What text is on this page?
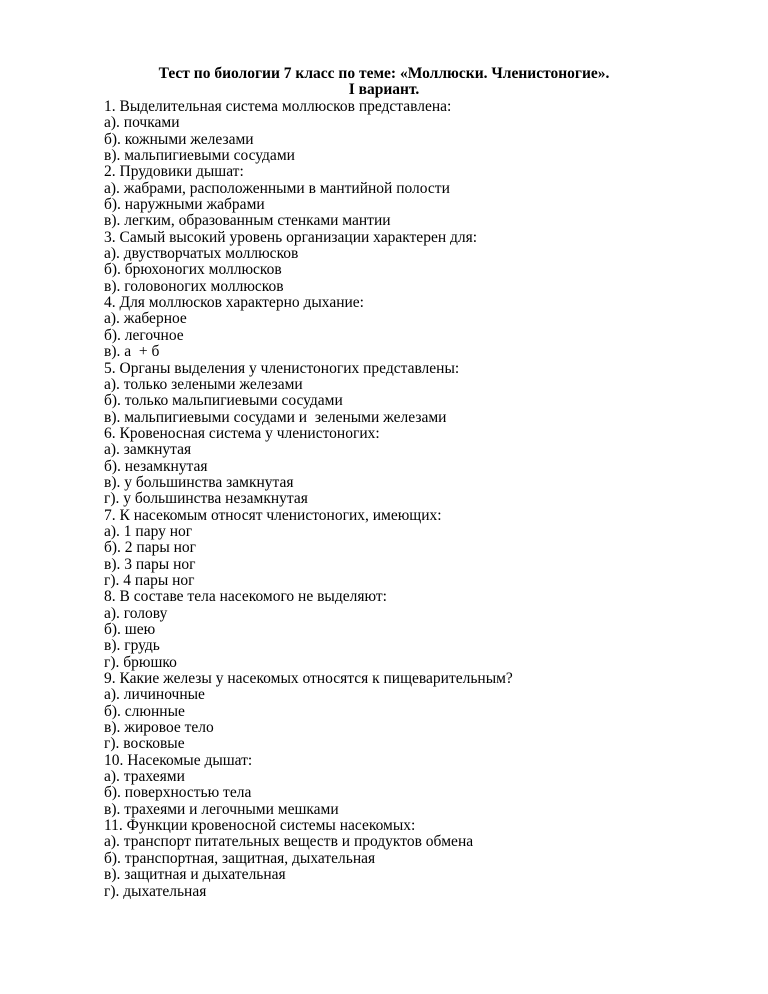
Тест по биологии 7 класс по теме: «Моллюски. Членистоногие».
I вариант.
1. Выделительная система моллюсков представлена:
а). почками
б). кожными железами
в). мальпигиевыми сосудами
2. Прудовики дышат:
а). жабрами, расположенными в мантийной полости
б). наружными жабрами
в). легким, образованным стенками мантии
3. Самый высокий уровень организации характерен для:
а). двустворчатых моллюсков
б). брюхоногих моллюсков
в). головоногих моллюсков
4. Для моллюсков характерно дыхание:
а). жаберное
б). легочное
в). а  + б
5. Органы выделения у членистоногих представлены:
а). только зелеными железами
б). только мальпигиевыми сосудами
в). мальпигиевыми сосудами и  зелеными железами
6. Кровеносная система у членистоногих:
а). замкнутая
б). незамкнутая
в). у большинства замкнутая
г). у большинства незамкнутая
7. К насекомым относят членистоногих, имеющих:
а). 1 пару ног
б). 2 пары ног
в). 3 пары ног
г). 4 пары ног
8. В составе тела насекомого не выделяют:
а). голову
б). шею
в). грудь
г). брюшко
9. Какие железы у насекомых относятся к пищеварительным?
а). личиночные
б). слюнные
в). жировое тело
г). восковые
10. Насекомые дышат:
а). трахеями
б). поверхностью тела
в). трахеями и легочными мешками
11. Функции кровеносной системы насекомых:
а). транспорт питательных веществ и продуктов обмена
б). транспортная, защитная, дыхательная
в). защитная и дыхательная
г). дыхательная
